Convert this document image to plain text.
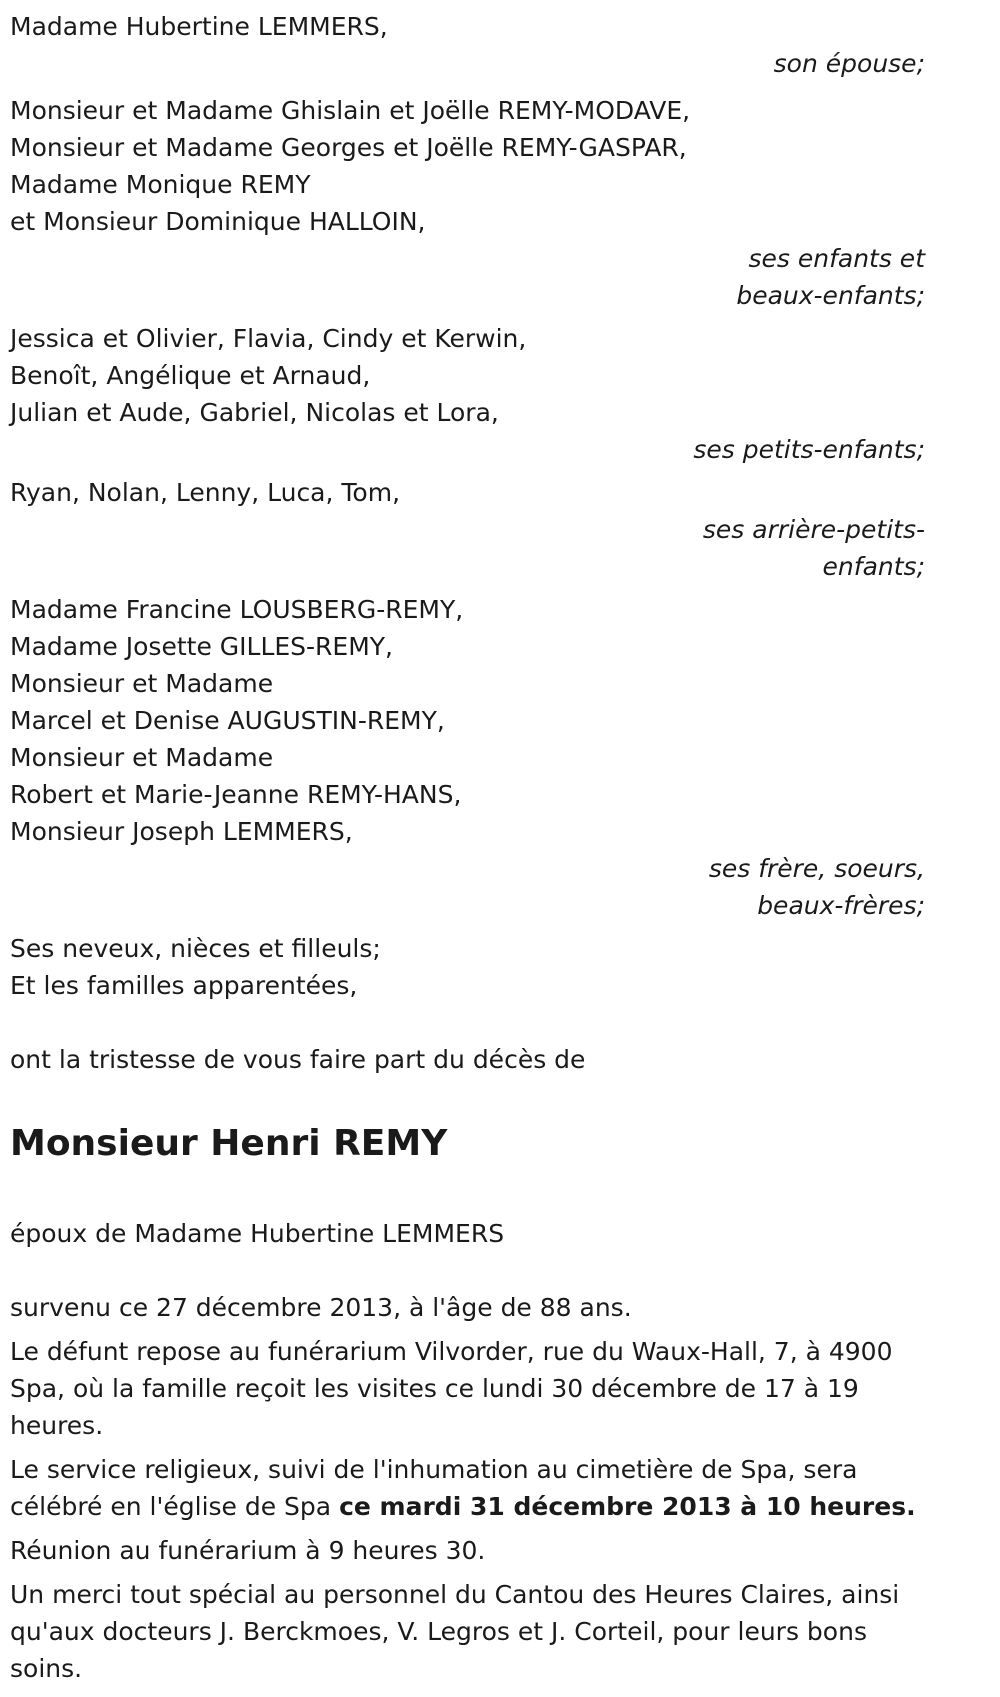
Madame Hubertine LEMMERS,
son épouse;
Monsieur et Madame Ghislain et Joëlle REMY-MODAVE,
Monsieur et Madame Georges et Joëlle REMY-GASPAR,
Madame Monique REMY
et Monsieur Dominique HALLOIN,
ses enfants et
beaux-enfants;
Jessica et Olivier, Flavia, Cindy et Kerwin,
Benoît, Angélique et Arnaud,
Julian et Aude, Gabriel, Nicolas et Lora,
ses petits-enfants;
Ryan, Nolan, Lenny, Luca, Tom,
ses arrière-petits-
enfants;
Madame Francine LOUSBERG-REMY,
Madame Josette GILLES-REMY,
Monsieur et Madame
Marcel et Denise AUGUSTIN-REMY,
Monsieur et Madame
Robert et Marie-Jeanne REMY-HANS,
Monsieur Joseph LEMMERS,
ses frère, soeurs,
beaux-frères;
Ses neveux, nièces et filleuls;
Et les familles apparentées,
ont la tristesse de vous faire part du décès de
Monsieur Henri REMY
époux de Madame Hubertine LEMMERS
survenu ce 27 décembre 2013, à l'âge de 88 ans.
Le défunt repose au funérarium Vilvorder, rue du Waux-Hall, 7, à 4900 Spa, où la famille reçoit les visites ce lundi 30 décembre de 17 à 19 heures.
Le service religieux, suivi de l'inhumation au cimetière de Spa, sera célébré en l'église de Spa ce mardi 31 décembre 2013 à 10 heures.
Réunion au funérarium à 9 heures 30.
Un merci tout spécial au personnel du Cantou des Heures Claires, ainsi qu'aux docteurs J. Berckmoes, V. Legros et J. Corteil, pour leurs bons soins.
